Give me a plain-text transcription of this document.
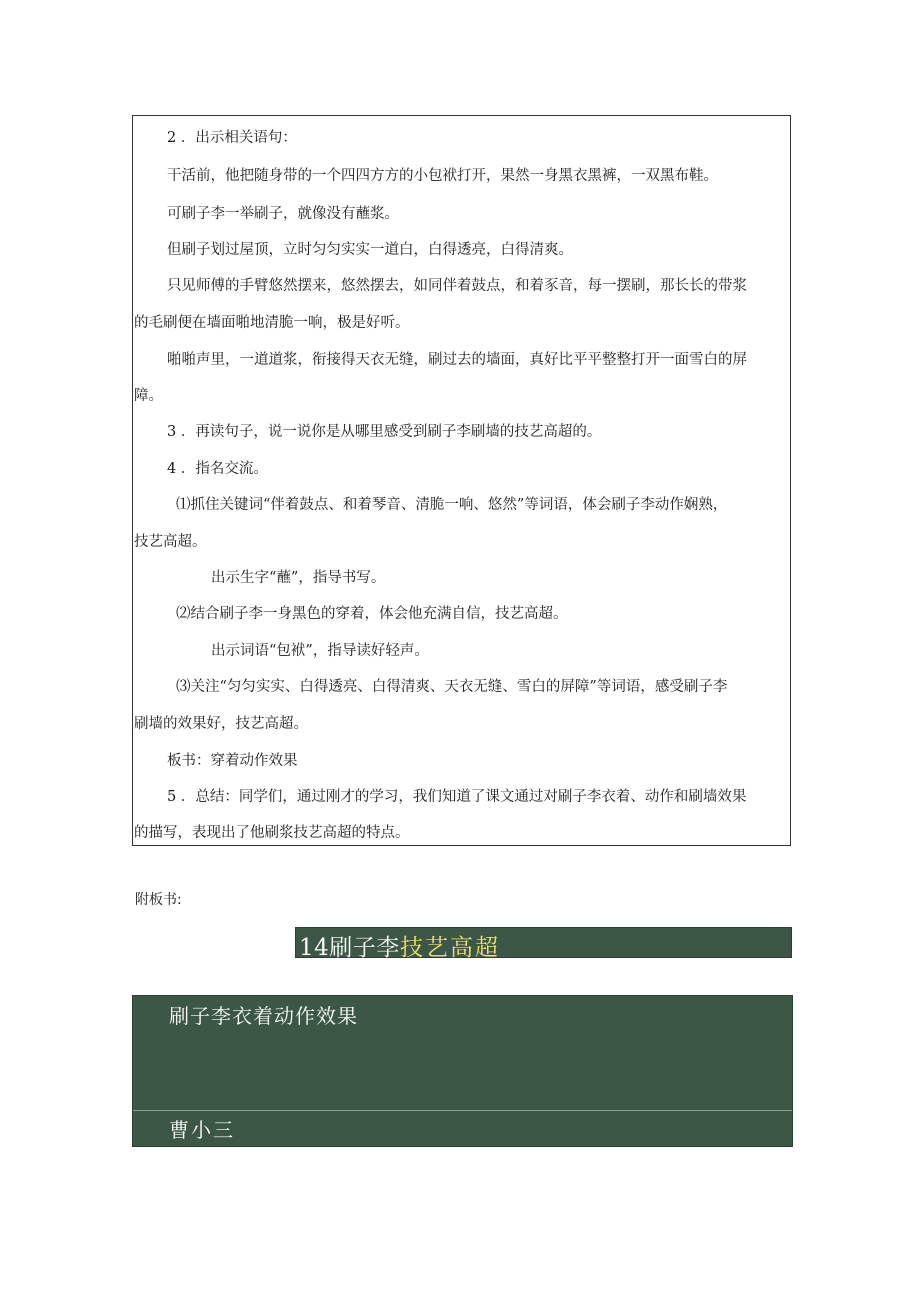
2 ．出示相关语句：
干活前，他把随身带的一个四四方方的小包袱打开，果然一身黑衣黑裤，一双黑布鞋。
可刷子李一举刷子，就像没有蘸浆。
但刷子划过屋顶，立时匀匀实实一道白，白得透亮，白得清爽。
只见师傅的手臂悠然摆来，悠然摆去，如同伴着鼓点，和着豕音，每一摆刷，那长长的带浆
的毛刷便在墙面啪地清脆一响，极是好听。
啪啪声里，一道道浆，衔接得天衣无缝，刷过去的墙面，真好比平平整整打开一面雪白的屏
障。
3 ．再读句子，说一说你是从哪里感受到刷子李刷墙的技艺高超的。
4 ．指名交流。
⑴抓住关键词“伴着鼓点、和着琴音、清脆一响、悠然”等词语，体会刷子李动作娴熟，
技艺高超。
出示生字“蘸”，指导书写。
⑵结合刷子李一身黑色的穿着，体会他充满自信，技艺高超。
出示词语“包袱”，指导读好轻声。
⑶关注“匀匀实实、白得透亮、白得清爽、天衣无缝、雪白的屏障”等词语，感受刷子李
刷墙的效果好，技艺高超。
板书：穿着动作效果
5 ．总结：同学们，通过刚才的学习，我们知道了课文通过对刷子李衣着、动作和刷墙效果
的描写，表现出了他刷浆技艺高超的特点。
附板书:
14刷子李 技艺高超
刷子李衣着动作效果
曹小三
